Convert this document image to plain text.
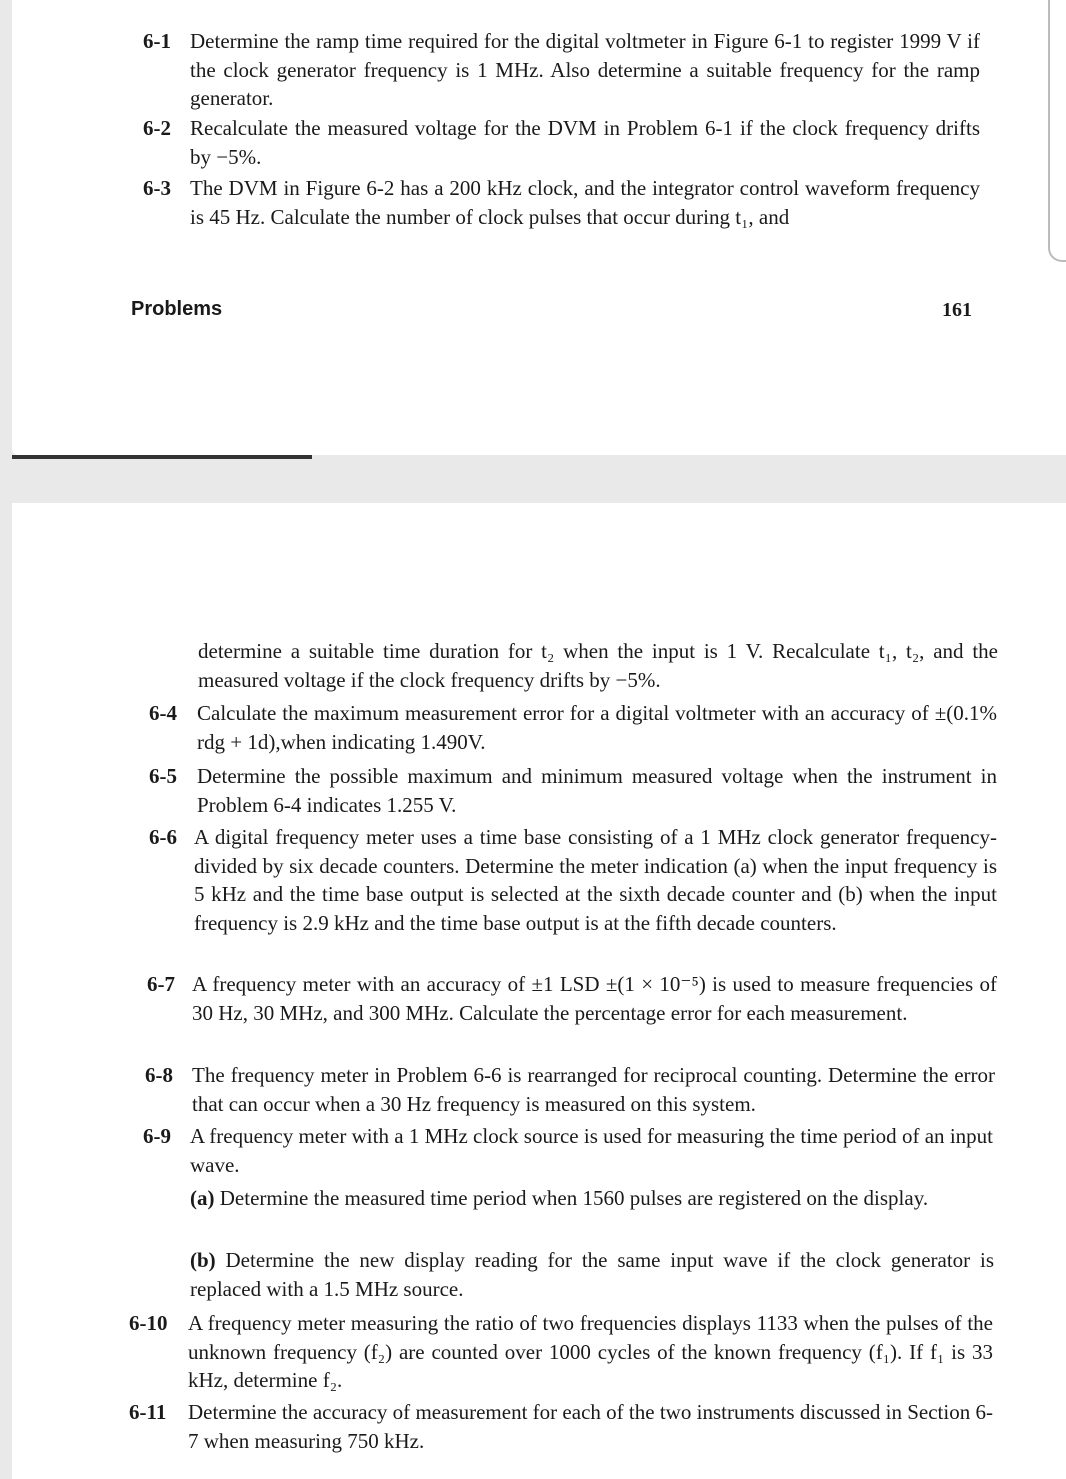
6-1 Determine the ramp time required for the digital voltmeter in Figure 6-1 to register 1999 V if the clock generator frequency is 1 MHz. Also determine a suitable frequency for the ramp generator.
6-2 Recalculate the measured voltage for the DVM in Problem 6-1 if the clock frequency drifts by −5%.
6-3 The DVM in Figure 6-2 has a 200 kHz clock, and the integrator control waveform frequency is 45 Hz. Calculate the number of clock pulses that occur during t₁, and
Problems	161
determine a suitable time duration for t₂ when the input is 1 V. Recalculate t₁, t₂, and the measured voltage if the clock frequency drifts by −5%.
6-4 Calculate the maximum measurement error for a digital voltmeter with an accuracy of ±(0.1% rdg + 1d),when indicating 1.490V.
6-5 Determine the possible maximum and minimum measured voltage when the instrument in Problem 6-4 indicates 1.255 V.
6-6 A digital frequency meter uses a time base consisting of a 1 MHz clock generator frequency-divided by six decade counters. Determine the meter indication (a) when the input frequency is 5 kHz and the time base output is selected at the sixth decade counter and (b) when the input frequency is 2.9 kHz and the time base output is at the fifth decade counters.
6-7 A frequency meter with an accuracy of ±1 LSD ±(1 × 10⁻⁵) is used to measure frequencies of 30 Hz, 30 MHz, and 300 MHz. Calculate the percentage error for each measurement.
6-8 The frequency meter in Problem 6-6 is rearranged for reciprocal counting. Determine the error that can occur when a 30 Hz frequency is measured on this system.
6-9 A frequency meter with a 1 MHz clock source is used for measuring the time period of an input wave.
(a) Determine the measured time period when 1560 pulses are registered on the display.
(b) Determine the new display reading for the same input wave if the clock generator is replaced with a 1.5 MHz source.
6-10 A frequency meter measuring the ratio of two frequencies displays 1133 when the pulses of the unknown frequency (f₂) are counted over 1000 cycles of the known frequency (f₁). If f₁ is 33 kHz, determine f₂.
6-11 Determine the accuracy of measurement for each of the two instruments discussed in Section 6-7 when measuring 750 kHz.
